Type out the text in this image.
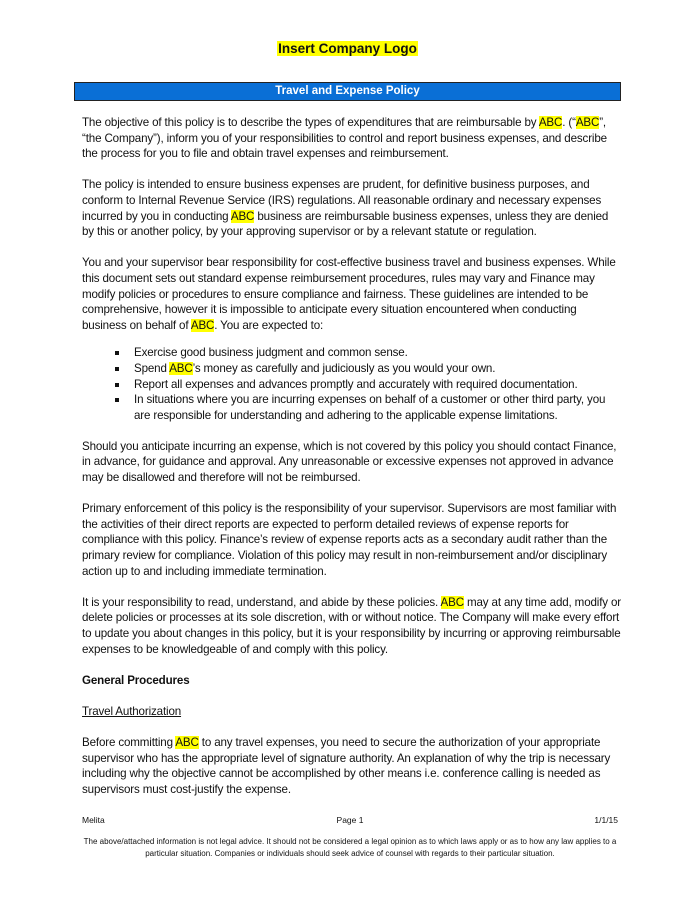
Insert Company Logo
Travel and Expense Policy

The objective of this policy is to describe the types of expenditures that are reimbursable by ABC. (“ABC”, “the Company”), inform you of your responsibilities to control and report business expenses, and describe the process for you to file and obtain travel expenses and reimbursement.

The policy is intended to ensure business expenses are prudent, for definitive business purposes, and conform to Internal Revenue Service (IRS) regulations. All reasonable ordinary and necessary expenses incurred by you in conducting ABC business are reimbursable business expenses, unless they are denied by this or another policy, by your approving supervisor or by a relevant statute or regulation.

You and your supervisor bear responsibility for cost-effective business travel and business expenses. While this document sets out standard expense reimbursement procedures, rules may vary and Finance may modify policies or procedures to ensure compliance and fairness. These guidelines are intended to be comprehensive, however it is impossible to anticipate every situation encountered when conducting business on behalf of ABC. You are expected to:

Exercise good business judgment and common sense.
Spend ABC’s money as carefully and judiciously as you would your own.
Report all expenses and advances promptly and accurately with required documentation.
In situations where you are incurring expenses on behalf of a customer or other third party, you are responsible for understanding and adhering to the applicable expense limitations.

Should you anticipate incurring an expense, which is not covered by this policy you should contact Finance, in advance, for guidance and approval. Any unreasonable or excessive expenses not approved in advance may be disallowed and therefore will not be reimbursed.

Primary enforcement of this policy is the responsibility of your supervisor. Supervisors are most familiar with the activities of their direct reports are expected to perform detailed reviews of expense reports for compliance with this policy. Finance’s review of expense reports acts as a secondary audit rather than the primary review for compliance. Violation of this policy may result in non-reimbursement and/or disciplinary action up to and including immediate termination.

It is your responsibility to read, understand, and abide by these policies. ABC may at any time add, modify or delete policies or processes at its sole discretion, with or without notice. The Company will make every effort to update you about changes in this policy, but it is your responsibility by incurring or approving reimbursable expenses to be knowledgeable of and comply with this policy.

General Procedures

Travel Authorization

Before committing ABC to any travel expenses, you need to secure the authorization of your appropriate supervisor who has the appropriate level of signature authority. An explanation of why the trip is necessary including why the objective cannot be accomplished by other means i.e. conference calling is needed as supervisors must cost-justify the expense.

Melita	Page 1	1/1/15
The above/attached information is not legal advice. It should not be considered a legal opinion as to which laws apply or as to how any law applies to a particular situation. Companies or individuals should seek advice of counsel with regards to their particular situation.
